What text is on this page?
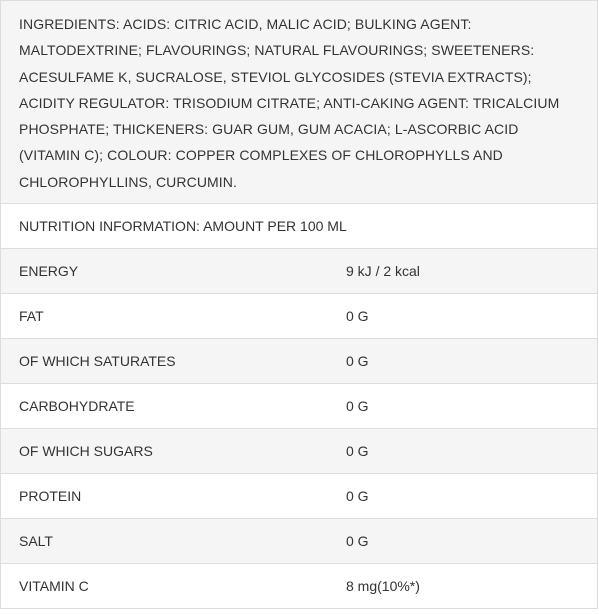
INGREDIENTS: ACIDS: CITRIC ACID, MALIC ACID; BULKING AGENT: MALTODEXTRINE; FLAVOURINGS; NATURAL FLAVOURINGS; SWEETENERS: ACESULFAME K, SUCRALOSE, STEVIOL GLYCOSIDES (STEVIA EXTRACTS); ACIDITY REGULATOR: TRISODIUM CITRATE; ANTI-CAKING AGENT: TRICALCIUM PHOSPHATE; THICKENERS: GUAR GUM, GUM ACACIA; L-ASCORBIC ACID (VITAMIN C); COLOUR: COPPER COMPLEXES OF CHLOROPHYLLS AND CHLOROPHYLLINS, CURCUMIN.
NUTRITION INFORMATION: AMOUNT PER 100 ML
ENERGY	9 kJ / 2 kcal
FAT	0 G
OF WHICH SATURATES	0 G
CARBOHYDRATE	0 G
OF WHICH SUGARS	0 G
PROTEIN	0 G
SALT	0 G
VITAMIN C	8 mg(10%*)
